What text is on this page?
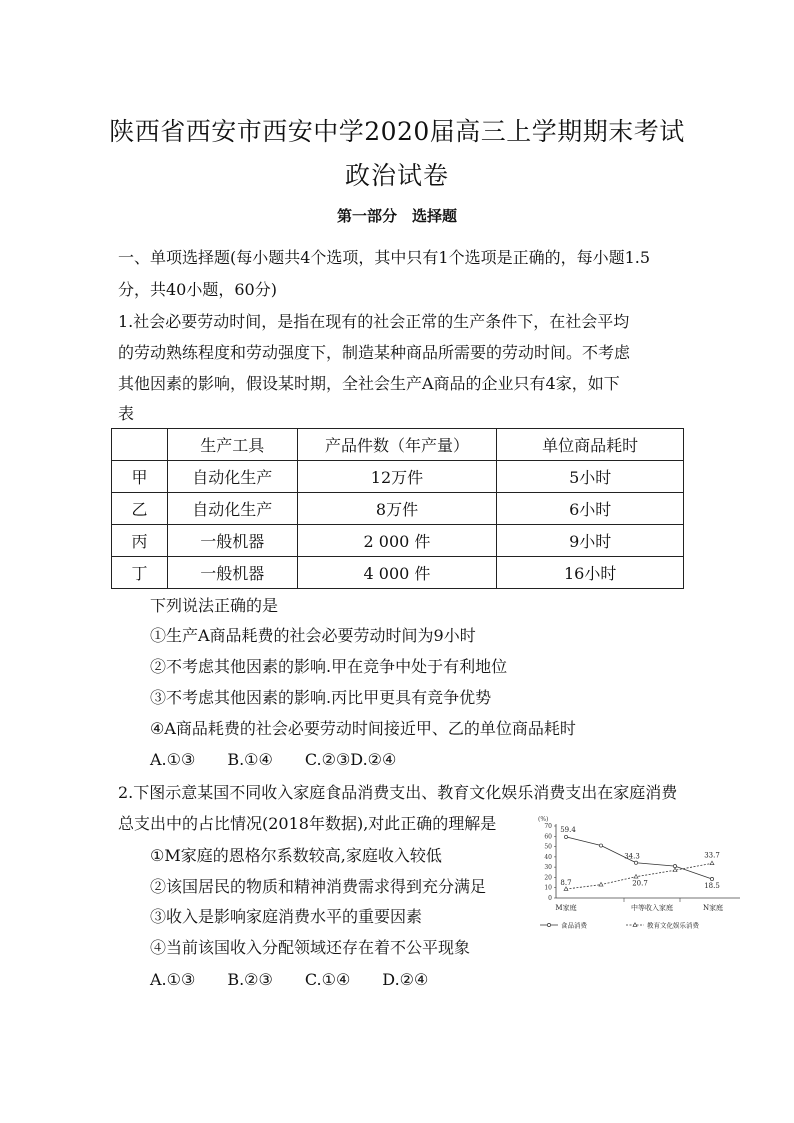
陕西省西安市西安中学2020届高三上学期期末考试
政治试卷
第一部分　选择题
一、单项选择题(每小题共4个选项，其中只有1个选项是正确的，每小题1.5
分，共40小题，60分)
1.社会必要劳动时间，是指在现有的社会正常的生产条件下，在社会平均
的劳动熟练程度和劳动强度下，制造某种商品所需要的劳动时间。不考虑
其他因素的影响，假设某时期，全社会生产A商品的企业只有4家，如下
表
	生产工具	产品件数（年产量）	单位商品耗时
甲	自动化生产	12万件	5小时
乙	自动化生产	8万件	6小时
丙	一般机器	2 000 件	9小时
丁	一般机器	4 000 件	16小时
下列说法正确的是
①生产A商品耗费的社会必要劳动时间为9小时
②不考虑其他因素的影响.甲在竞争中处于有利地位
③不考虑其他因素的影响.丙比甲更具有竞争优势
④A商品耗费的社会必要劳动时间接近甲、乙的单位商品耗时
A.①③　　B.①④　　C.②③D.②④
2.下图示意某国不同收入家庭食品消费支出、教育文化娱乐消费支出在家庭消费
总支出中的占比情况(2018年数据),对此正确的理解是
①M家庭的恩格尔系数较高,家庭收入较低
②该国居民的物质和精神消费需求得到充分满足
③收入是影响家庭消费水平的重要因素
④当前该国收入分配领域还存在着不公平现象
A.①③　　B.②③　　C.①④　　D.②④
(%)
70
60
50
40
30
20
10
0
M家庭	中等收入家庭	N家庭
59.4
34.3
18.5
8.7	20.7
33.7
食品消费	教育文化娱乐消费
